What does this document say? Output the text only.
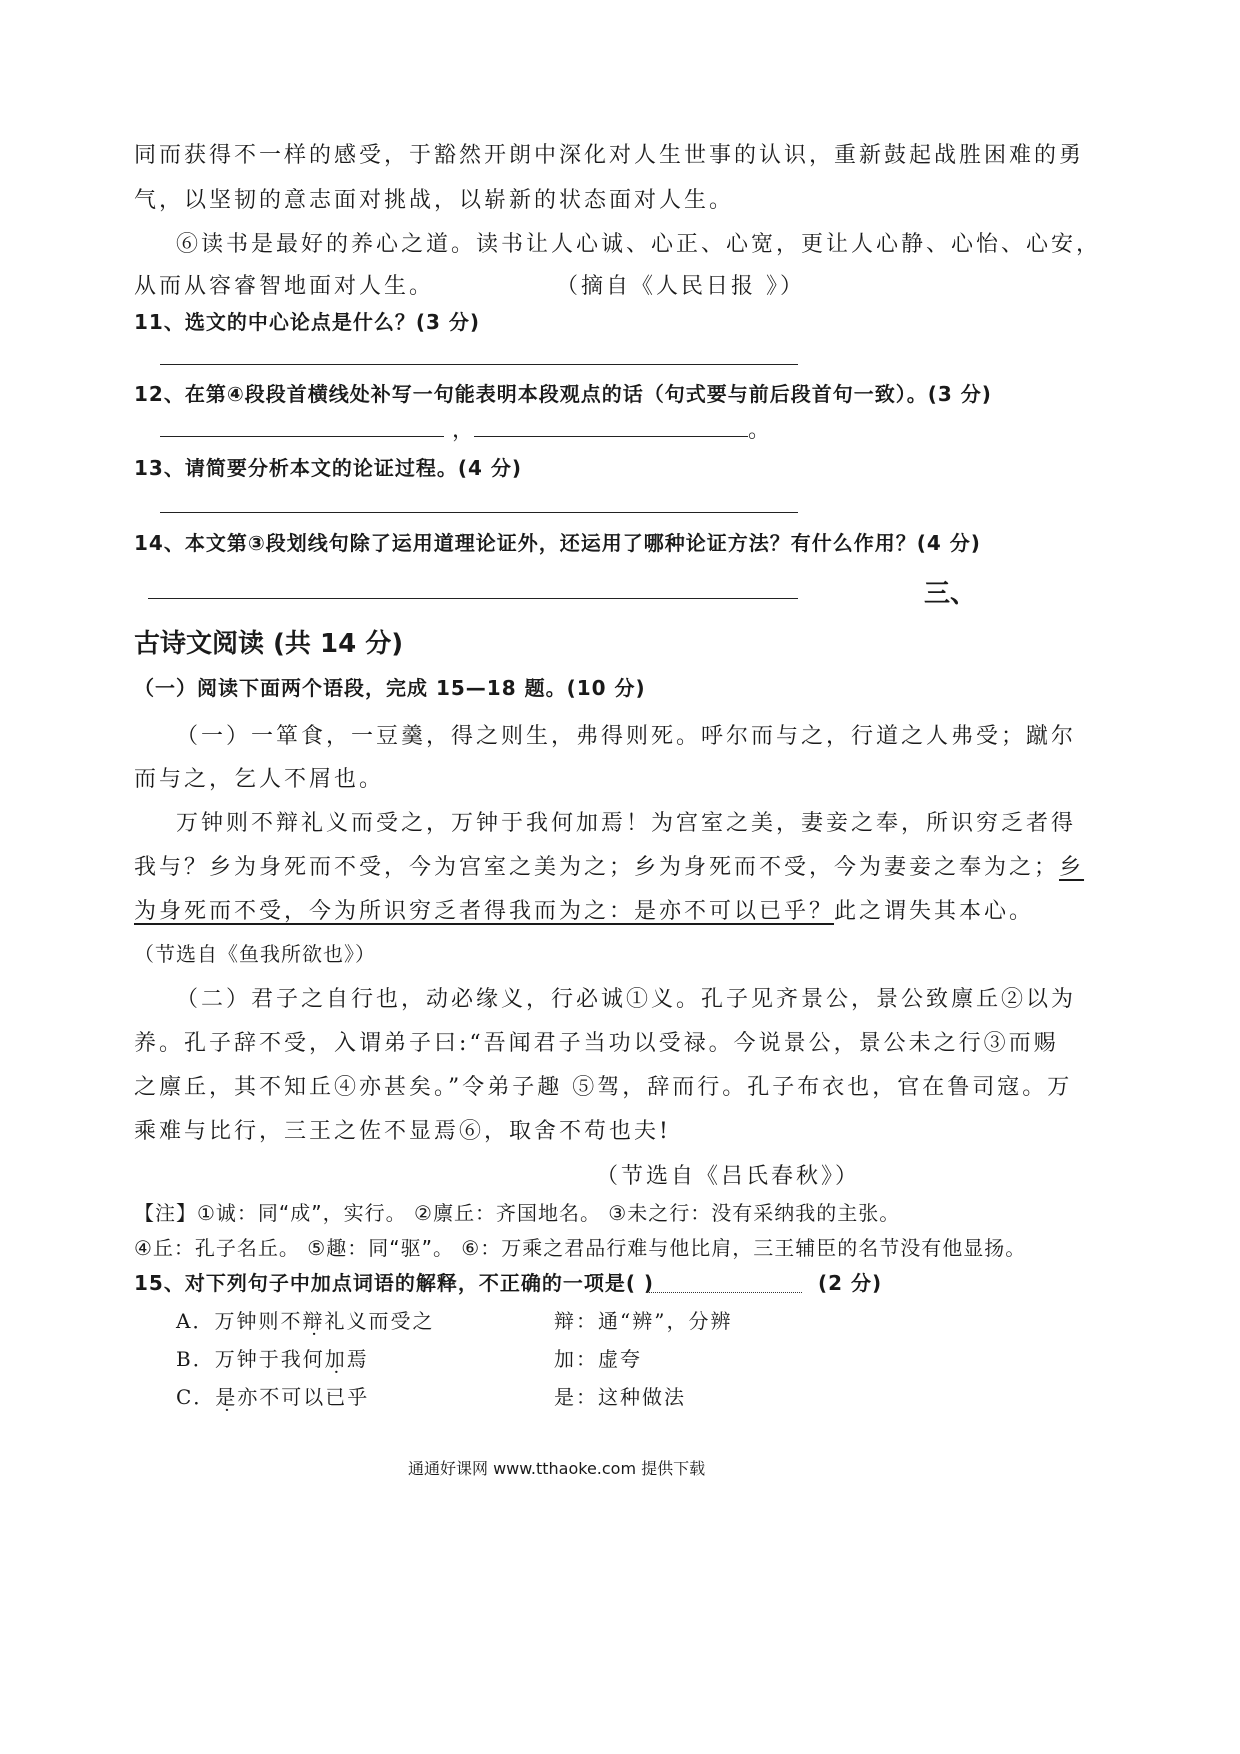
同而获得不一样的感受，于豁然开朗中深化对人生世事的认识，重新鼓起战胜困难的勇
气，以坚韧的意志面对挑战，以崭新的状态面对人生。
⑥读书是最好的养心之道。读书让人心诚、心正、心宽，更让人心静、心怡、心安，
从而从容睿智地面对人生。	（摘自《人民日报 》）
11、选文的中心论点是什么？(3 分)
12、在第④段段首横线处补写一句能表明本段观点的话（句式要与前后段首句一致）。(3 分)
，	。
13、请简要分析本文的论证过程。(4 分)
14、本文第③段划线句除了运用道理论证外，还运用了哪种论证方法？有什么作用？(4 分)
三、
古诗文阅读 (共 14 分)
（一）阅读下面两个语段，完成 15—18 题。(10 分)
（一）一箪食，一豆羹，得之则生，弗得则死。呼尔而与之，行道之人弗受；蹴尔
而与之，乞人不屑也。
万钟则不辩礼义而受之，万钟于我何加焉！为宫室之美，妻妾之奉，所识穷乏者得
我与？乡为身死而不受，今为宫室之美为之；乡为身死而不受，今为妻妾之奉为之；乡
为身死而不受，今为所识穷乏者得我而为之：是亦不可以已乎？此之谓失其本心。
（节选自《鱼我所欲也》）
（二）君子之自行也，动必缘义，行必诚①义。孔子见齐景公，景公致廪丘②以为
养。孔子辞不受，入谓弟子曰:“吾闻君子当功以受禄。今说景公，景公未之行③而赐
之廪丘，其不知丘④亦甚矣。”令弟子趣 ⑤驾，辞而行。孔子布衣也，官在鲁司寇。万
乘难与比行，三王之佐不显焉⑥，取舍不苟也夫!
（节选自《吕氏春秋》）
【注】①诚：同“成”，实行。 ②廪丘：齐国地名。 ③未之行：没有采纳我的主张。
④丘：孔子名丘。 ⑤趣：同“驱”。 ⑥：万乘之君品行难与他比肩，三王辅臣的名节没有他显扬。
15、对下列句子中加点词语的解释，不正确的一项是( )	(2 分)
A．万钟则不辩礼义而受之	辩：通“辨”，分辨
B．万钟于我何加焉	加：虚夸
C．是亦不可以已乎	是：这种做法
通通好课网 www.tthaoke.com 提供下载
